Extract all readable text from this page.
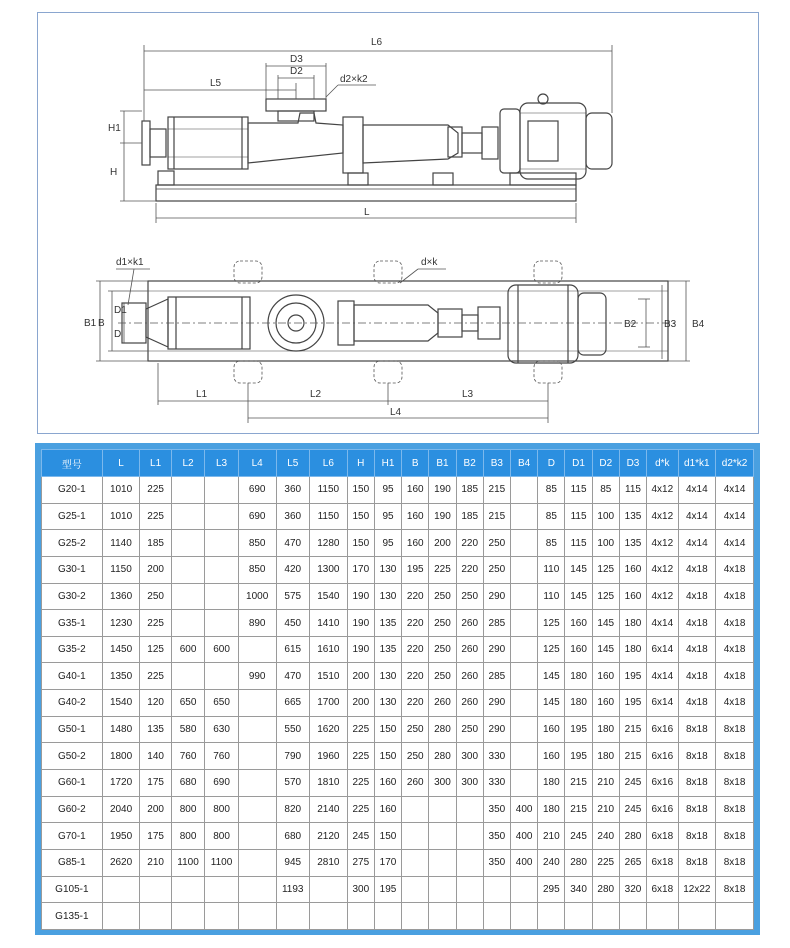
L6
D3
D2
d2×k2
L5
H1
H
L
d1×k1	d×k
B1 B
D1
D
B2	B3 B4
L1	L2	L3
L4
型号	L	L1	L2	L3	L4	L5	L6	H	H1	B	B1	B2	B3	B4	D	D1	D2	D3	d*k	d1*k1	d2*k2
G20-1	1010	225			690	360	1150	150	95	160	190	185	215		85	115	85	115	4x12	4x14	4x14
G25-1	1010	225			690	360	1150	150	95	160	190	185	215		85	115	100	135	4x12	4x14	4x14
G25-2	1140	185			850	470	1280	150	95	160	200	220	250		85	115	100	135	4x12	4x14	4x14
G30-1	1150	200			850	420	1300	170	130	195	225	220	250		110	145	125	160	4x12	4x18	4x18
G30-2	1360	250			1000	575	1540	190	130	220	250	250	290		110	145	125	160	4x12	4x18	4x18
G35-1	1230	225			890	450	1410	190	135	220	250	260	285		125	160	145	180	4x14	4x18	4x18
G35-2	1450	125	600	600		615	1610	190	135	220	250	260	290		125	160	145	180	6x14	4x18	4x18
G40-1	1350	225			990	470	1510	200	130	220	250	260	285		145	180	160	195	4x14	4x18	4x18
G40-2	1540	120	650	650		665	1700	200	130	220	260	260	290		145	180	160	195	6x14	4x18	4x18
G50-1	1480	135	580	630		550	1620	225	150	250	280	250	290		160	195	180	215	6x16	8x18	8x18
G50-2	1800	140	760	760		790	1960	225	150	250	280	300	330		160	195	180	215	6x16	8x18	8x18
G60-1	1720	175	680	690		570	1810	225	160	260	300	300	330		180	215	210	245	6x16	8x18	8x18
G60-2	2040	200	800	800		820	2140	225	160				350	400	180	215	210	245	6x16	8x18	8x18
G70-1	1950	175	800	800		680	2120	245	150				350	400	210	245	240	280	6x18	8x18	8x18
G85-1	2620	210	1100	1100		945	2810	275	170				350	400	240	280	225	265	6x18	8x18	8x18
G105-1						1193		300	195						295	340	280	320	6x18	12x22	8x18
G135-1																					
